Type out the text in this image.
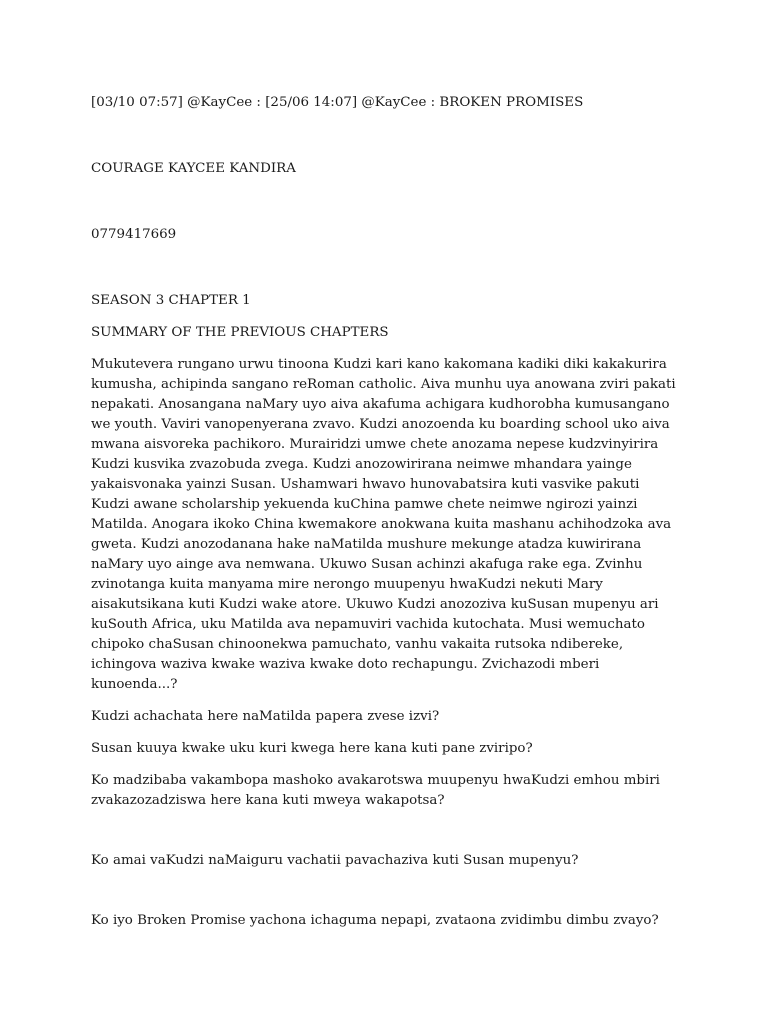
[03/10 07:57] @KayCee : [25/06 14:07] @KayCee : BROKEN PROMISES

COURAGE KAYCEE KANDIRA

0779417669

SEASON 3 CHAPTER 1

SUMMARY OF THE PREVIOUS CHAPTERS

Mukutevera rungano urwu tinoona Kudzi kari kano kakomana kadiki diki kakakurira kumusha, achipinda sangano reRoman catholic. Aiva munhu uya anowana zviri pakati nepakati. Anosangana naMary uyo aiva akafuma achigara kudhorobha kumusangano we youth. Vaviri vanopenyerana zvavo. Kudzi anozoenda ku boarding school uko aiva mwana aisvoreka pachikoro. Murairidzi umwe chete anozama nepese kudzvinyirira Kudzi kusvika zvazobuda zvega. Kudzi anozowirirana neimwe mhandara yainge yakaisvonaka yainzi Susan. Ushamwari hwavo hunovabatsira kuti vasvike pakuti Kudzi awane scholarship yekuenda kuChina pamwe chete neimwe ngirozi yainzi Matilda. Anogara ikoko China kwemakore anokwana kuita mashanu achihodzoka ava gweta. Kudzi anozodanana hake naMatilda mushure mekunge atadza kuwirirana naMary uyo ainge ava nemwana. Ukuwo Susan achinzi akafuga rake ega. Zvinhu zvinotanga kuita manyama mire nerongo muupenyu hwaKudzi nekuti Mary aisakutsikana kuti Kudzi wake atore. Ukuwo Kudzi anozoziva kuSusan mupenyu ari kuSouth Africa, uku Matilda ava nepamuviri vachida kutochata. Musi wemuchato chipoko chaSusan chinoonekwa pamuchato, vanhu vakaita rutsoka ndibereke, ichingova waziva kwake waziva kwake doto rechapungu. Zvichazodi mberi kunoenda...?

Kudzi achachata here naMatilda papera zvese izvi?

Susan kuuya kwake uku kuri kwega here kana kuti pane zviripo?

Ko madzibaba vakambopa mashoko avakarotswa muupenyu hwaKudzi emhou mbiri zvakazozadziswa here kana kuti mweya wakapotsa?

Ko amai vaKudzi naMaiguru vachatii pavachaziva kuti Susan mupenyu?

Ko iyo Broken Promise yachona ichaguma nepapi, zvataona zvidimbu dimbu zvayo?
